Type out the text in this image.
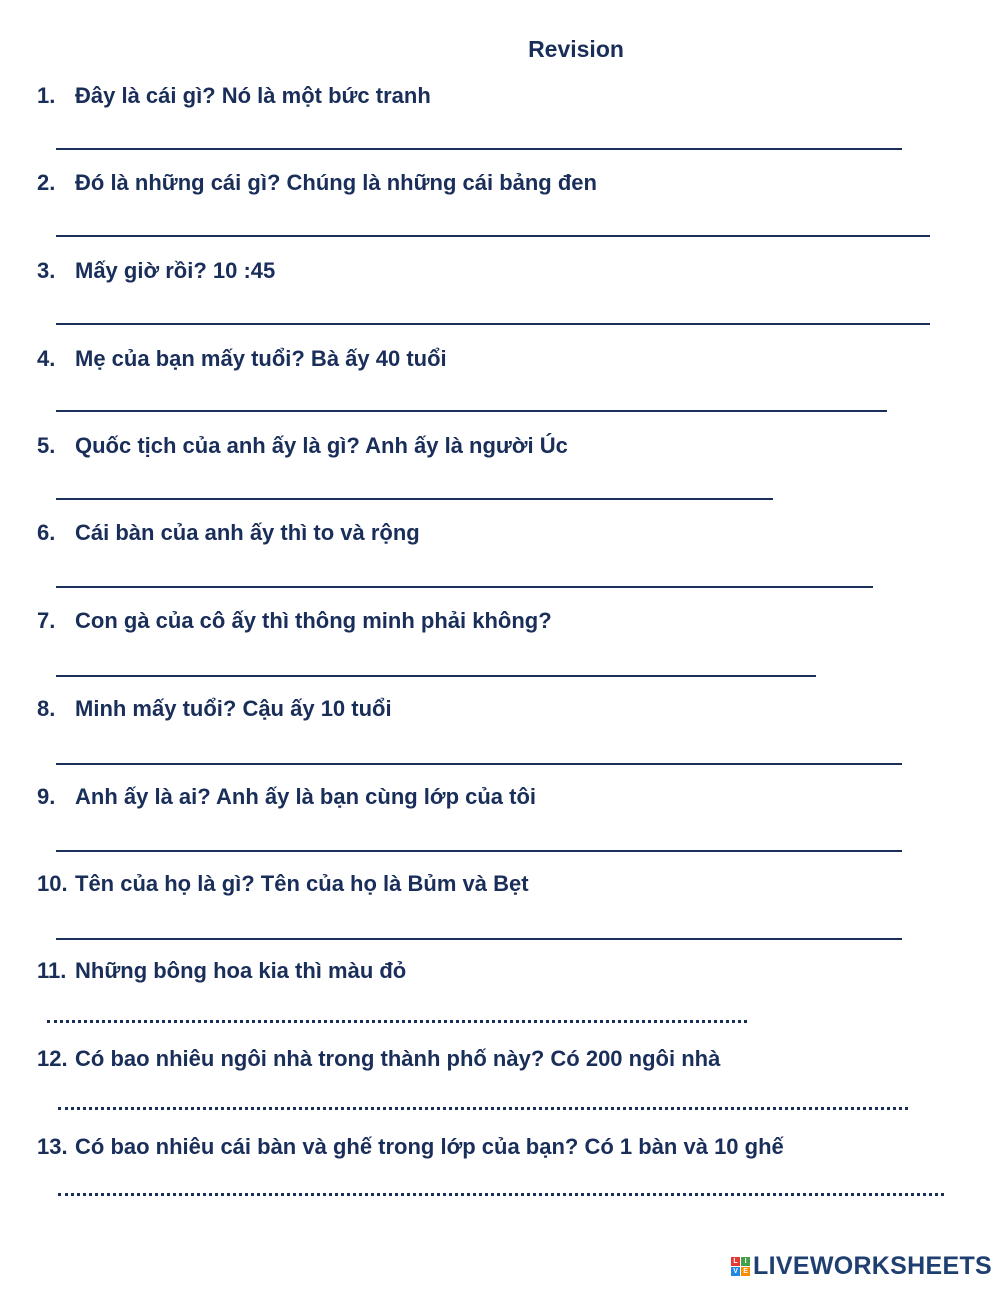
Revision
1. Đây là cái gì? Nó là một bức tranh
2. Đó là những cái gì? Chúng là những cái bảng đen
3. Mấy giờ rồi? 10 :45
4. Mẹ của bạn mấy tuổi? Bà ấy 40 tuổi
5. Quốc tịch của anh ấy là gì? Anh ấy là người Úc
6. Cái bàn của anh ấy thì to và rộng
7. Con gà của cô ấy thì thông minh phải không?
8. Minh mấy tuổi? Cậu ấy 10 tuổi
9. Anh ấy là ai? Anh ấy là bạn cùng lớp của tôi
10. Tên của họ là gì? Tên của họ là Bủm và Bẹt
11. Những bông hoa kia thì màu đỏ
12. Có bao nhiêu ngôi nhà trong thành phố này? Có 200 ngôi nhà
13. Có bao nhiêu cái bàn và ghế trong lớp của bạn? Có 1 bàn và 10 ghế
L I
V E LIVEWORKSHEETS
